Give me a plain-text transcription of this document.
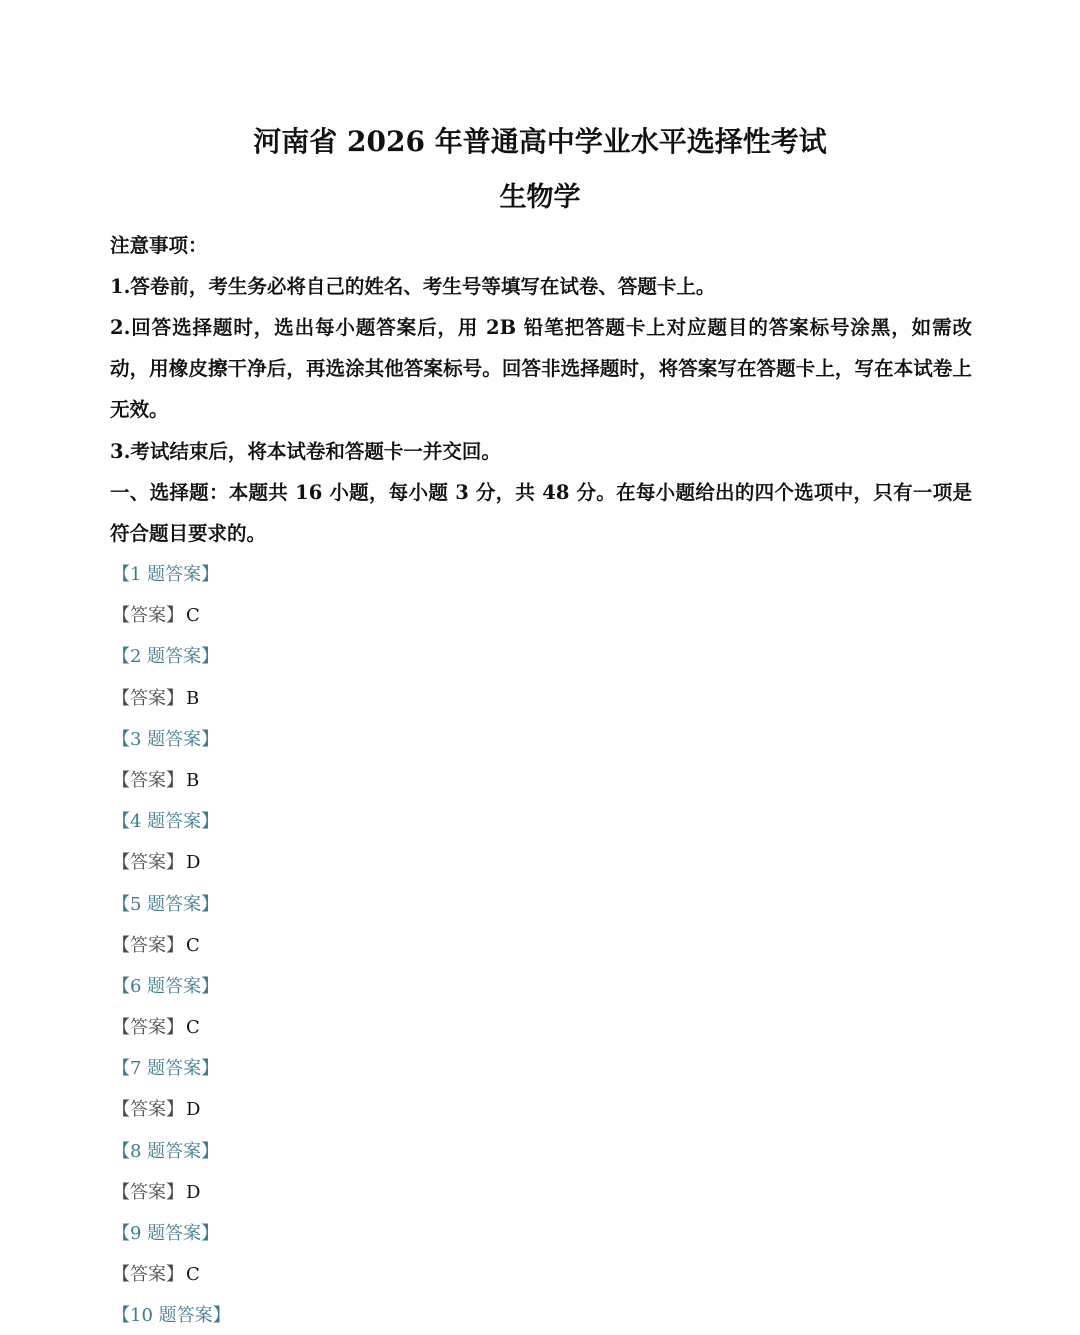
河南省 2026 年普通高中学业水平选择性考试
生物学
注意事项：
1.答卷前，考生务必将自己的姓名、考生号等填写在试卷、答题卡上。
2.回答选择题时，选出每小题答案后，用 2B 铅笔把答题卡上对应题目的答案标号涂黑，如需改动，用橡皮擦干净后，再选涂其他答案标号。回答非选择题时，将答案写在答题卡上，写在本试卷上无效。
3.考试结束后，将本试卷和答题卡一并交回。
一、选择题：本题共 16 小题，每小题 3 分，共 48 分。在每小题给出的四个选项中，只有一项是符合题目要求的。
【1 题答案】
【答案】 C
【2 题答案】
【答案】 B
【3 题答案】
【答案】 B
【4 题答案】
【答案】 D
【5 题答案】
【答案】 C
【6 题答案】
【答案】 C
【7 题答案】
【答案】 D
【8 题答案】
【答案】 D
【9 题答案】
【答案】 C
【10 题答案】
